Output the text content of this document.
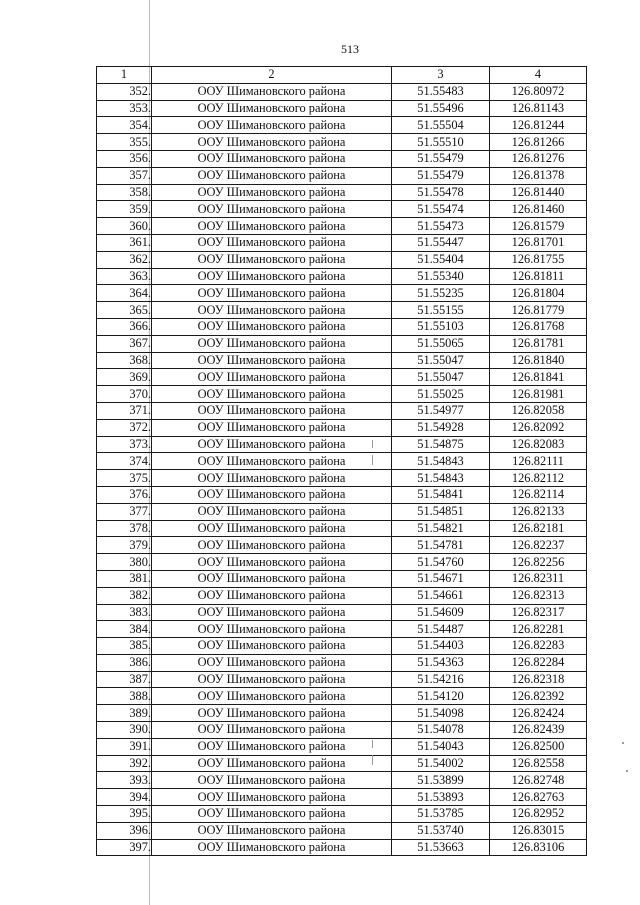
513
1	2	3	4
352.	ООУ Шимановского района	51.55483	126.80972
353.	ООУ Шимановского района	51.55496	126.81143
354.	ООУ Шимановского района	51.55504	126.81244
355.	ООУ Шимановского района	51.55510	126.81266
356.	ООУ Шимановского района	51.55479	126.81276
357.	ООУ Шимановского района	51.55479	126.81378
358.	ООУ Шимановского района	51.55478	126.81440
359.	ООУ Шимановского района	51.55474	126.81460
360.	ООУ Шимановского района	51.55473	126.81579
361.	ООУ Шимановского района	51.55447	126.81701
362.	ООУ Шимановского района	51.55404	126.81755
363.	ООУ Шимановского района	51.55340	126.81811
364.	ООУ Шимановского района	51.55235	126.81804
365.	ООУ Шимановского района	51.55155	126.81779
366.	ООУ Шимановского района	51.55103	126.81768
367.	ООУ Шимановского района	51.55065	126.81781
368.	ООУ Шимановского района	51.55047	126.81840
369.	ООУ Шимановского района	51.55047	126.81841
370.	ООУ Шимановского района	51.55025	126.81981
371.	ООУ Шимановского района	51.54977	126.82058
372.	ООУ Шимановского района	51.54928	126.82092
373.	ООУ Шимановского района	51.54875	126.82083
374.	ООУ Шимановского района	51.54843	126.82111
375.	ООУ Шимановского района	51.54843	126.82112
376.	ООУ Шимановского района	51.54841	126.82114
377.	ООУ Шимановского района	51.54851	126.82133
378.	ООУ Шимановского района	51.54821	126.82181
379.	ООУ Шимановского района	51.54781	126.82237
380.	ООУ Шимановского района	51.54760	126.82256
381.	ООУ Шимановского района	51.54671	126.82311
382.	ООУ Шимановского района	51.54661	126.82313
383.	ООУ Шимановского района	51.54609	126.82317
384.	ООУ Шимановского района	51.54487	126.82281
385.	ООУ Шимановского района	51.54403	126.82283
386.	ООУ Шимановского района	51.54363	126.82284
387.	ООУ Шимановского района	51.54216	126.82318
388.	ООУ Шимановского района	51.54120	126.82392
389.	ООУ Шимановского района	51.54098	126.82424
390.	ООУ Шимановского района	51.54078	126.82439
391.	ООУ Шимановского района	51.54043	126.82500
392.	ООУ Шимановского района	51.54002	126.82558
393.	ООУ Шимановского района	51.53899	126.82748
394.	ООУ Шимановского района	51.53893	126.82763
395.	ООУ Шимановского района	51.53785	126.82952
396.	ООУ Шимановского района	51.53740	126.83015
397.	ООУ Шимановского района	51.53663	126.83106
